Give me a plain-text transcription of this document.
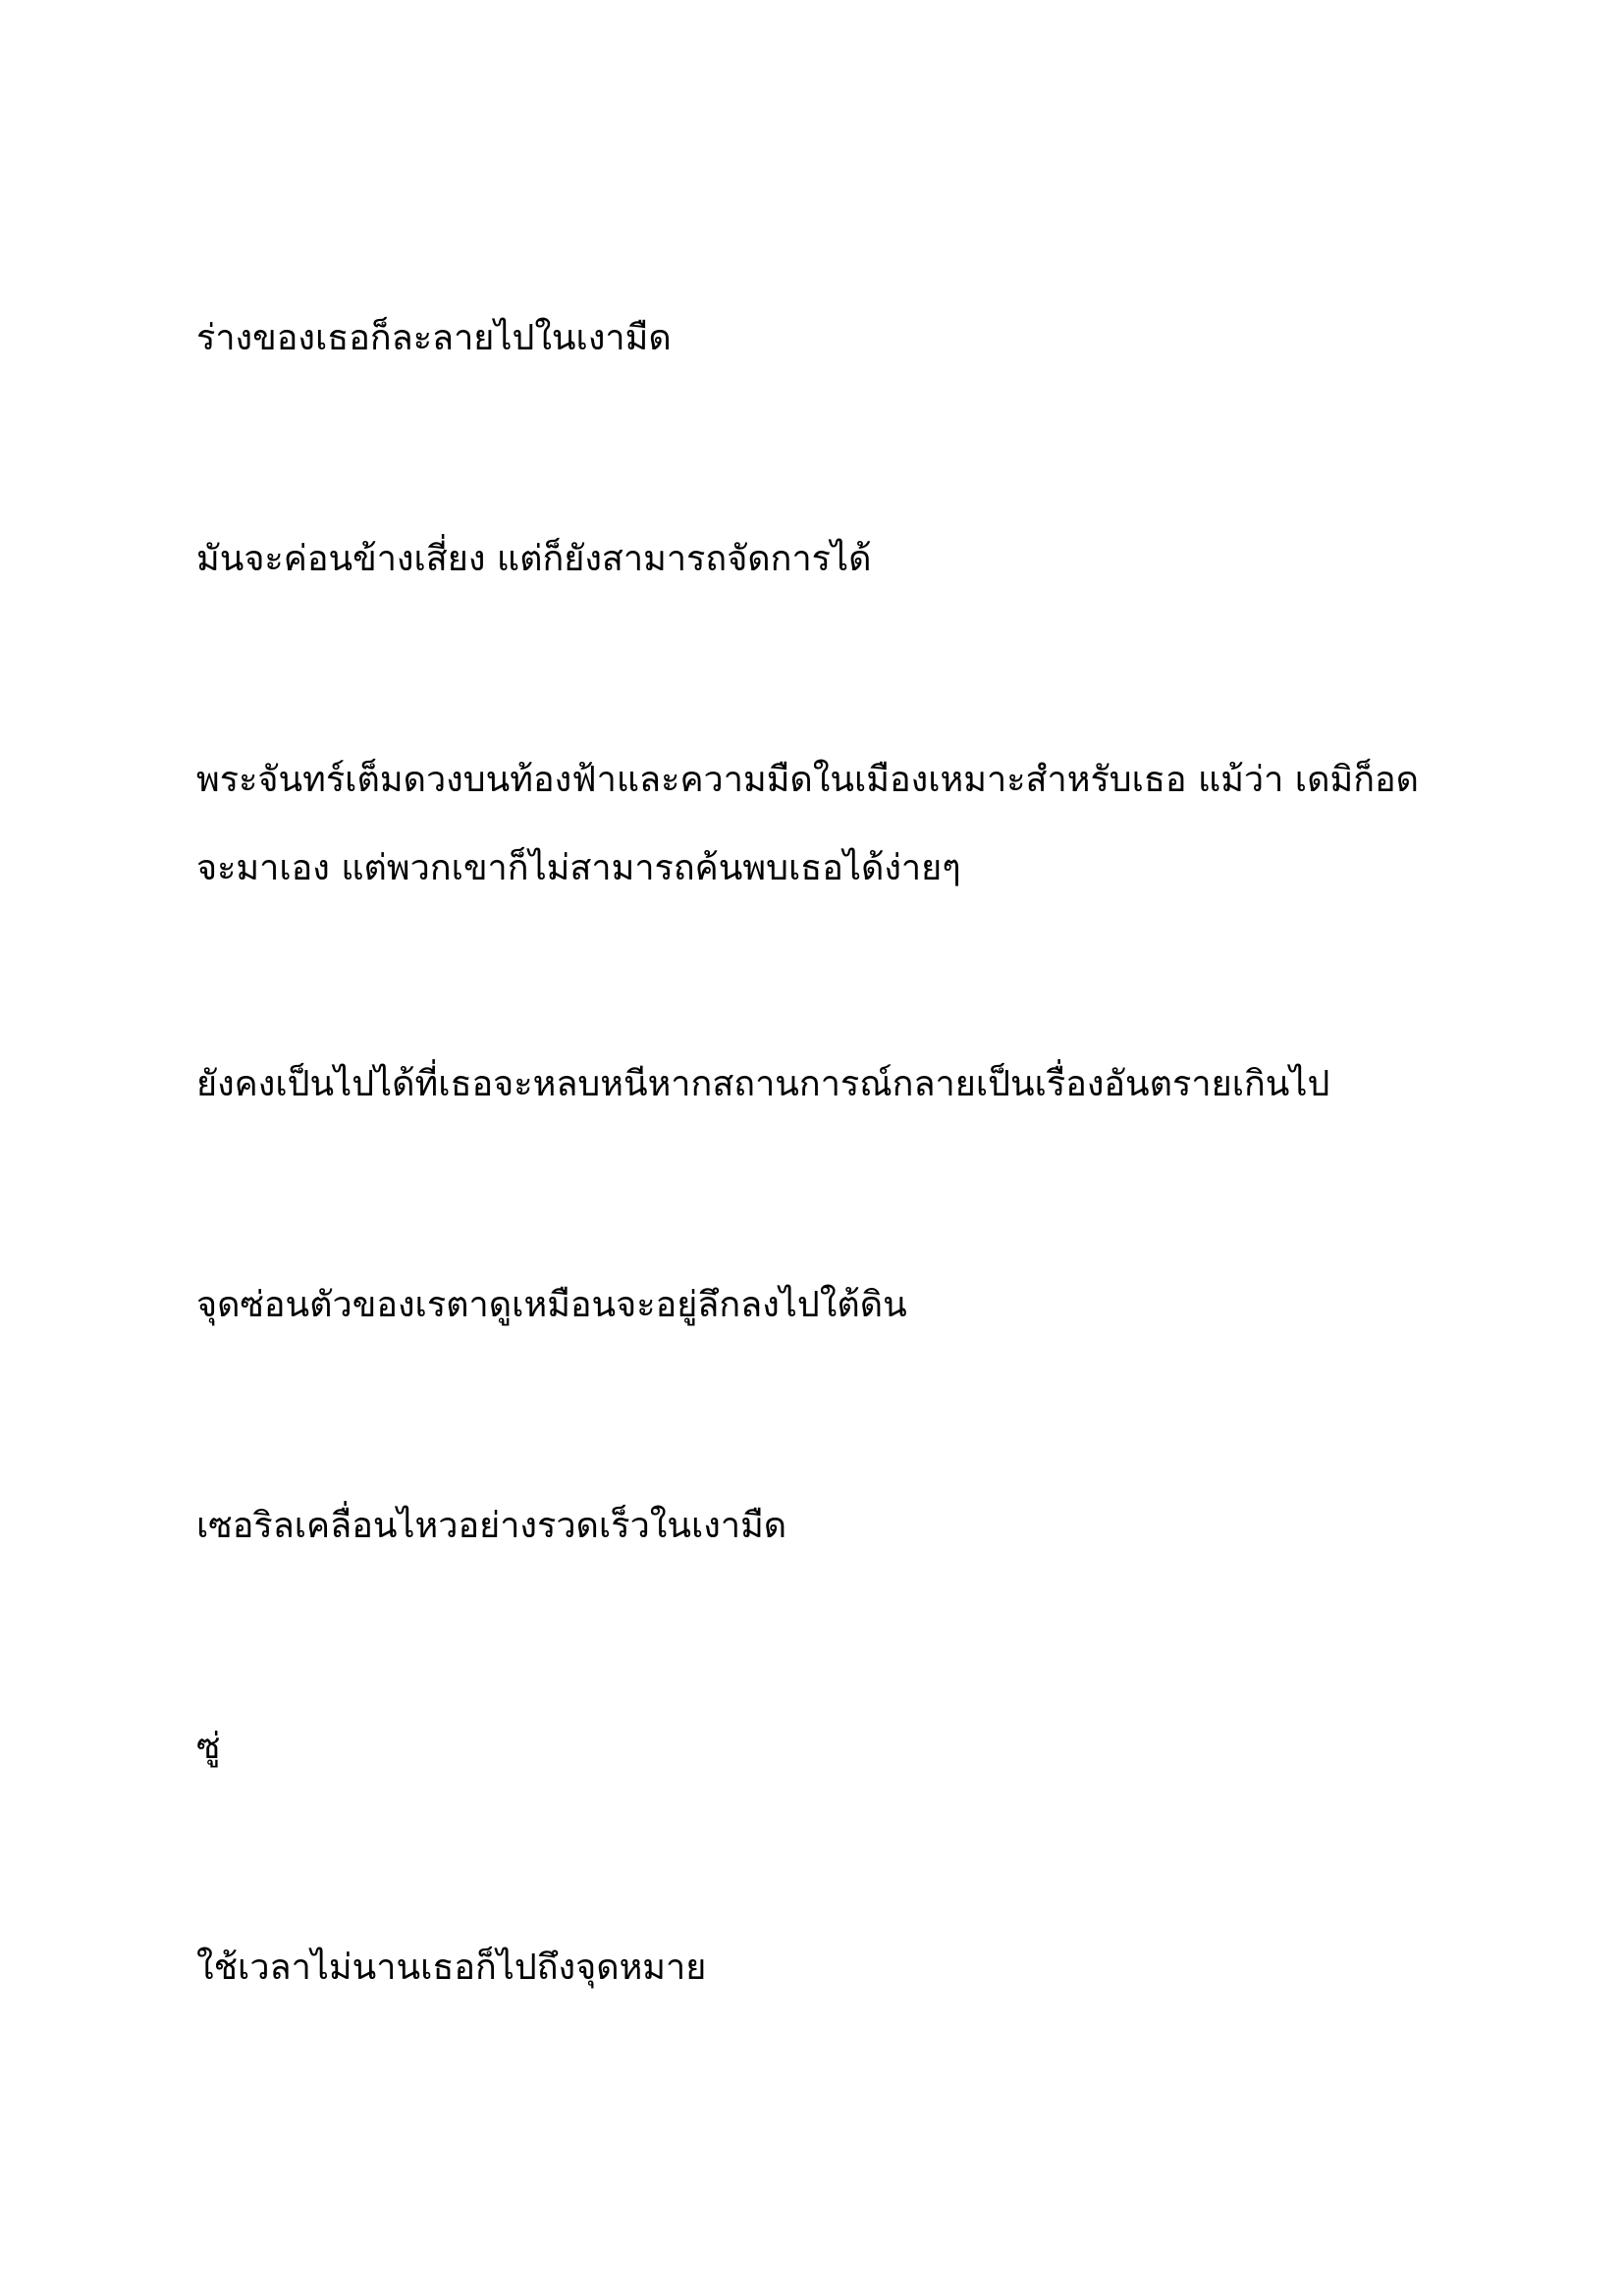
ร่างของเธอก็ละลายไปในเงามืด

มันจะค่อนข้างเสี่ยง แต่ก็ยังสามารถจัดการได้

พระจันทร์เต็มดวงบนท้องฟ้าและความมืดในเมืองเหมาะสำหรับเธอ แม้ว่า เดมิก็อด
จะมาเอง แต่พวกเขาก็ไม่สามารถค้นพบเธอได้ง่ายๆ

ยังคงเป็นไปได้ที่เธอจะหลบหนีหากสถานการณ์กลายเป็นเรื่องอันตรายเกินไป

จุดซ่อนตัวของเรตาดูเหมือนจะอยู่ลึกลงไปใต้ดิน

เซอริลเคลื่อนไหวอย่างรวดเร็วในเงามืด

ซู่

ใช้เวลาไม่นานเธอก็ไปถึงจุดหมาย
